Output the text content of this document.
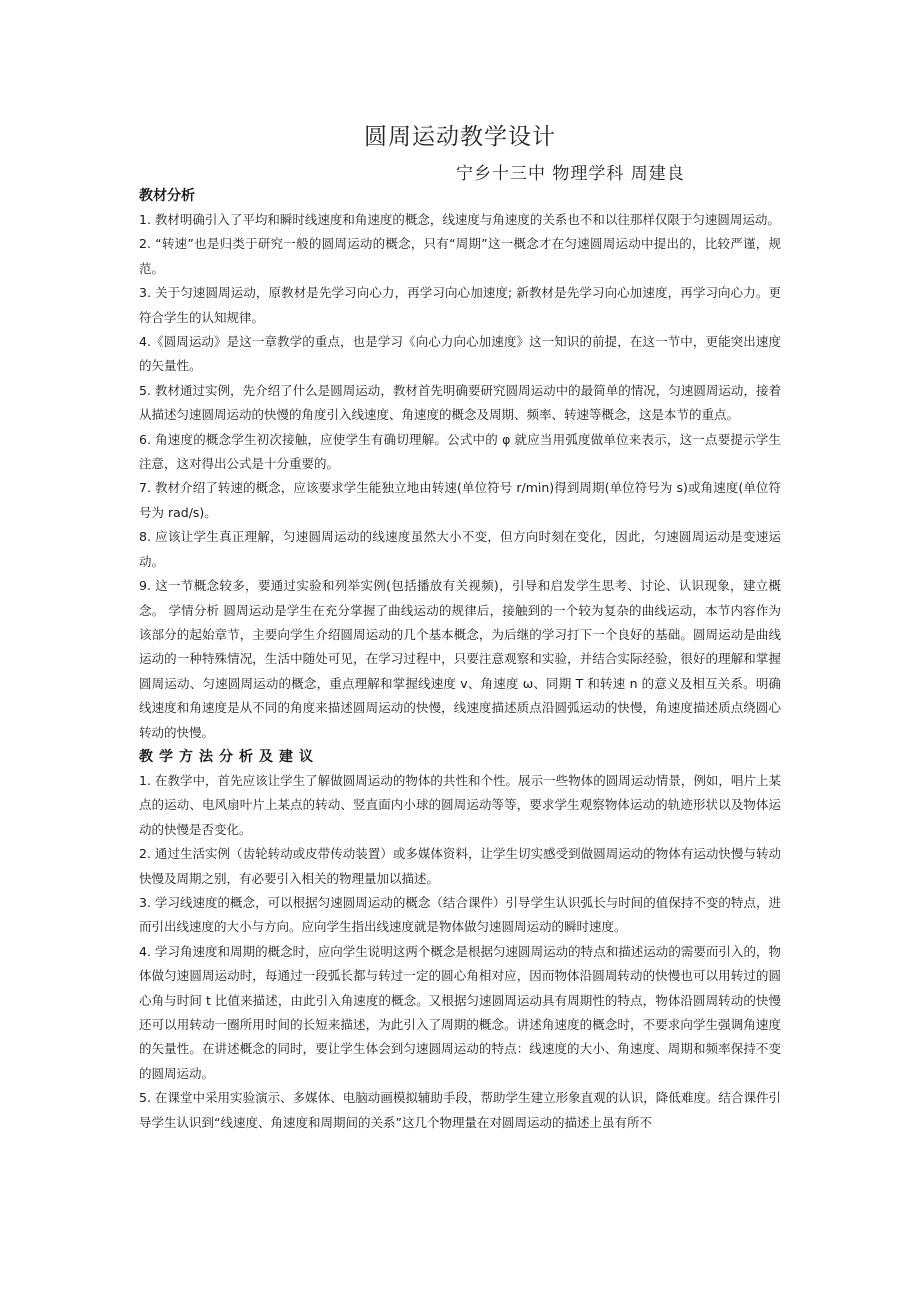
圆周运动教学设计
宁乡十三中 物理学科 周建良
教材分析

1. 教材明确引入了平均和瞬时线速度和角速度的概念，线速度与角速度的关系也不和以往那样仅限于匀速圆周运动。

2. “转速”也是归类于研究一般的圆周运动的概念，只有“周期”这一概念才在匀速圆周运动中提出的，比较严谨，规范。

3. 关于匀速圆周运动，原教材是先学习向心力，再学习向心加速度; 新教材是先学习向心加速度，再学习向心力。更符合学生的认知规律。

4.《圆周运动》是这一章教学的重点，也是学习《向心力向心加速度》这一知识的前提，在这一节中，更能突出速度的矢量性。

5. 教材通过实例，先介绍了什么是圆周运动，教材首先明确要研究圆周运动中的最简单的情况，匀速圆周运动，接着从描述匀速圆周运动的快慢的角度引入线速度、角速度的概念及周期、频率、转速等概念，这是本节的重点。

6. 角速度的概念学生初次接触，应使学生有确切理解。公式中的 φ 就应当用弧度做单位来表示，这一点要提示学生注意，这对得出公式是十分重要的。

7. 教材介绍了转速的概念，应该要求学生能独立地由转速(单位符号 r/min)得到周期(单位符号为 s)或角速度(单位符号为 rad/s)。

8. 应该让学生真正理解，匀速圆周运动的线速度虽然大小不变，但方向时刻在变化，因此，匀速圆周运动是变速运动。

9. 这一节概念较多，要通过实验和列举实例(包括播放有关视频)，引导和启发学生思考、讨论、认识现象，建立概念。 学情分析 圆周运动是学生在充分掌握了曲线运动的规律后，接触到的一个较为复杂的曲线运动，本节内容作为该部分的起始章节，主要向学生介绍圆周运动的几个基本概念，为后继的学习打下一个良好的基础。圆周运动是曲线运动的一种特殊情况，生活中随处可见，在学习过程中，只要注意观察和实验，并结合实际经验，很好的理解和掌握圆周运动、匀速圆周运动的概念，重点理解和掌握线速度 v、角速度 ω、同期 T 和转速 n 的意义及相互关系。明确线速度和角速度是从不同的角度来描述圆周运动的快慢，线速度描述质点沿圆弧运动的快慢，角速度描述质点绕圆心转动的快慢。

教学方法分析及建议

1. 在教学中，首先应该让学生了解做圆周运动的物体的共性和个性。展示一些物体的圆周运动情景，例如，唱片上某点的运动、电风扇叶片上某点的转动、竖直面内小球的圆周运动等等，要求学生观察物体运动的轨迹形状以及物体运动的快慢是否变化。

2. 通过生活实例（齿轮转动或皮带传动装置）或多媒体资料，让学生切实感受到做圆周运动的物体有运动快慢与转动快慢及周期之别，有必要引入相关的物理量加以描述。

3. 学习线速度的概念，可以根据匀速圆周运动的概念（结合课件）引导学生认识弧长与时间的值保持不变的特点，进而引出线速度的大小与方向。应向学生指出线速度就是物体做匀速圆周运动的瞬时速度。

4. 学习角速度和周期的概念时，应向学生说明这两个概念是根据匀速圆周运动的特点和描述运动的需要而引入的，物体做匀速圆周运动时，每通过一段弧长都与转过一定的圆心角相对应，因而物体沿圆周转动的快慢也可以用转过的圆心角与时间 t 比值来描述，由此引入角速度的概念。又根据匀速圆周运动具有周期性的特点，物体沿圆周转动的快慢还可以用转动一圈所用时间的长短来描述，为此引入了周期的概念。讲述角速度的概念时，不要求向学生强调角速度的矢量性。在讲述概念的同时，要让学生体会到匀速圆周运动的特点：线速度的大小、角速度、周期和频率保持不变的圆周运动。

5. 在课堂中采用实验演示、多媒体、电脑动画模拟辅助手段，帮助学生建立形象直观的认识，降低难度。结合课件引导学生认识到“线速度、角速度和周期间的关系”这几个物理量在对圆周运动的描述上虽有所不
